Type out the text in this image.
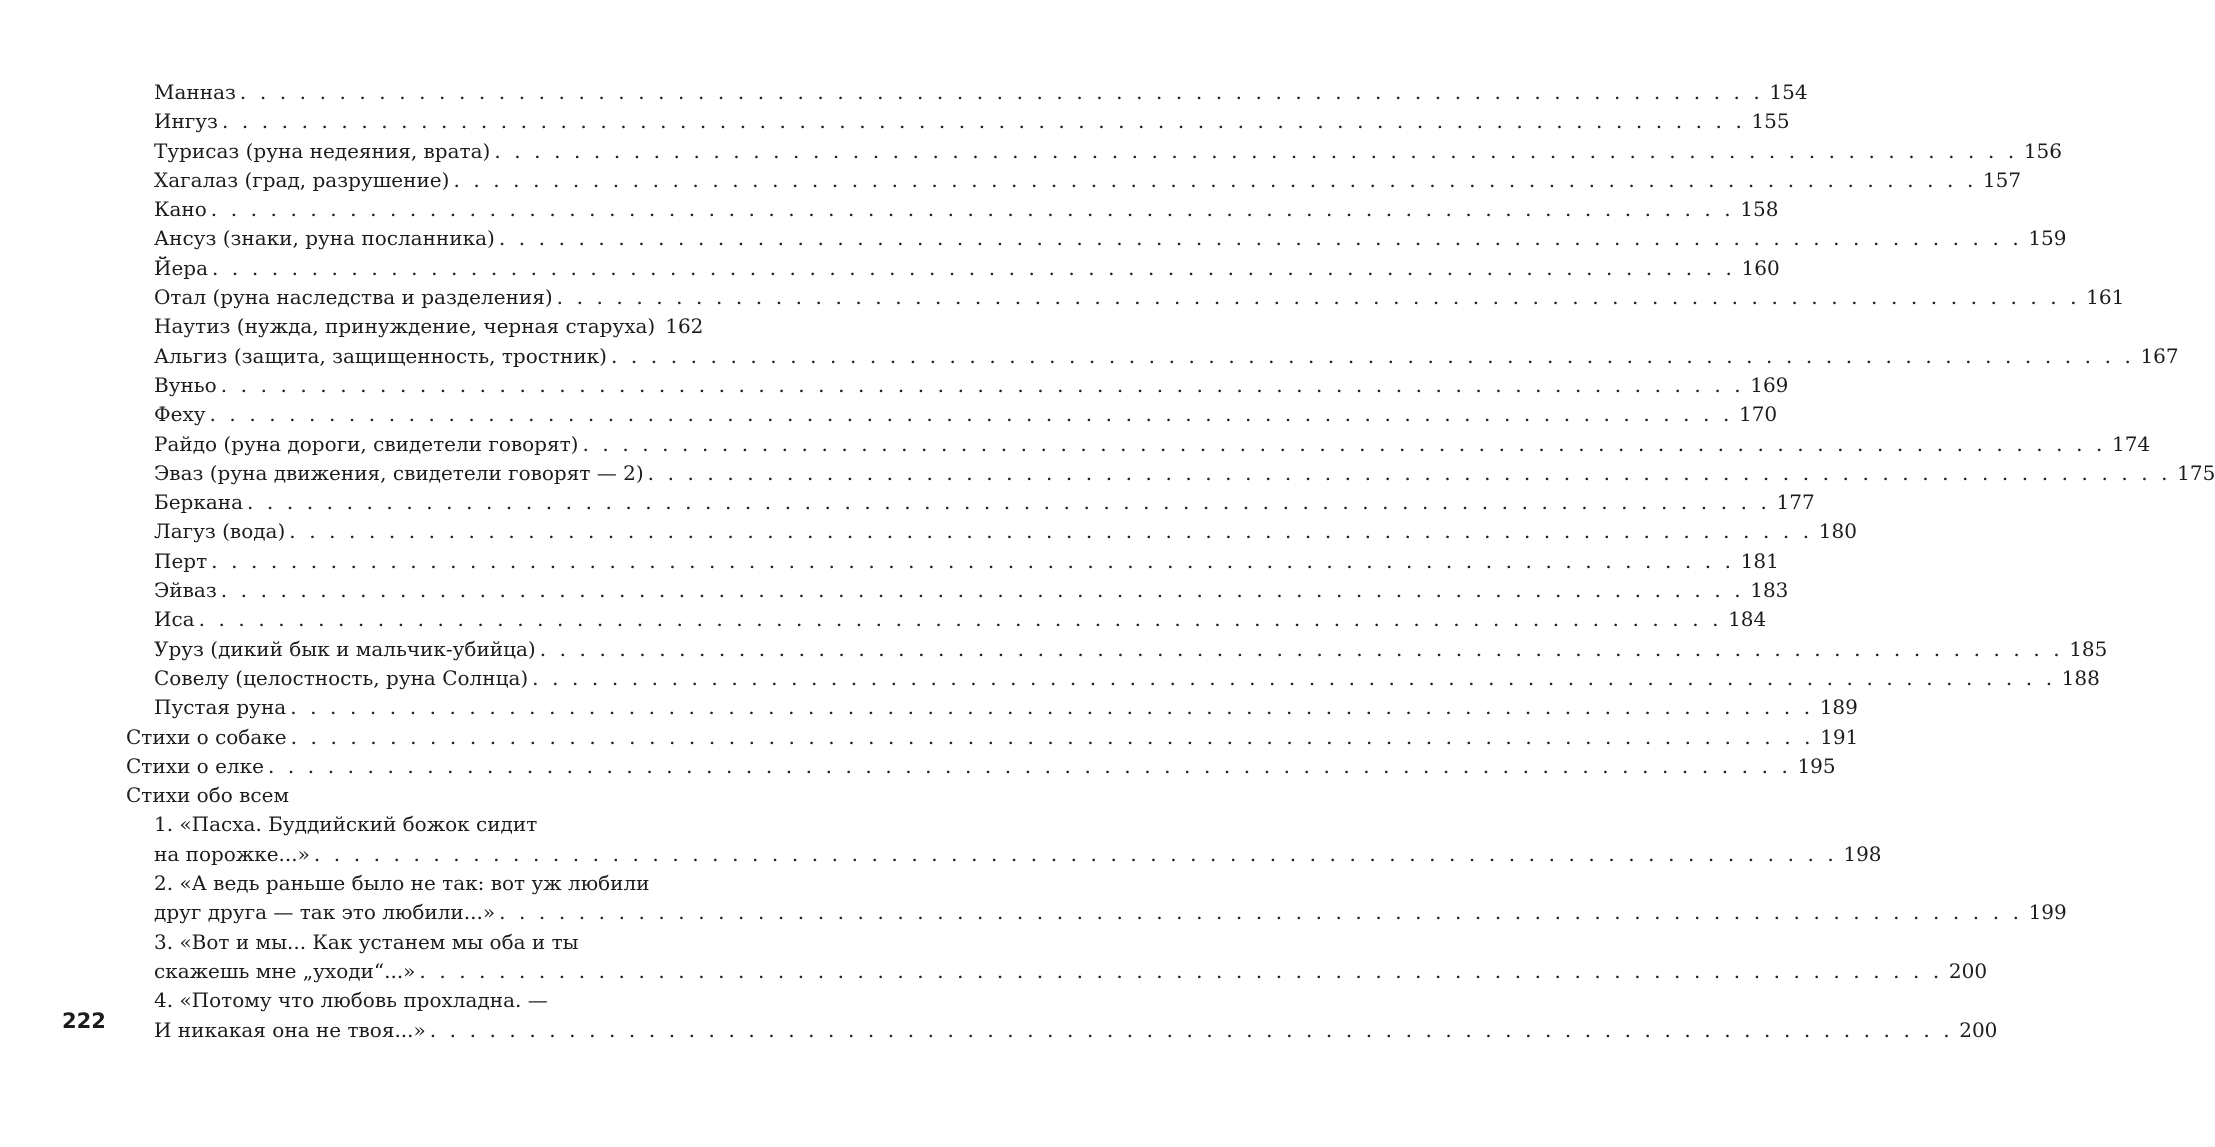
Манназ . . . . . . . . . . . . . . . . . . . . . . . . . . . . . . . . . . . . . . . . . . . . . . . . . . . . . . . . . . . . . . . . . . . . . . . . . . . . . 154
Ингуз . . . . . . . . . . . . . . . . . . . . . . . . . . . . . . . . . . . . . . . . . . . . . . . . . . . . . . . . . . . . . . . . . . . . . . . . . . . . . 155
Турисаз (руна недеяния, врата) . . . . . . . . . . . . . . . . . . . . . . . . . . . . . . . . . . . . . . . . . . . . . . . . . . . . . . . . . . . . . . . . . . . . . . . . . . . . . 156
Хагалаз (град, разрушение) . . . . . . . . . . . . . . . . . . . . . . . . . . . . . . . . . . . . . . . . . . . . . . . . . . . . . . . . . . . . . . . . . . . . . . . . . . . . . 157
Кано . . . . . . . . . . . . . . . . . . . . . . . . . . . . . . . . . . . . . . . . . . . . . . . . . . . . . . . . . . . . . . . . . . . . . . . . . . . . . 158
Ансуз (знаки, руна посланника) . . . . . . . . . . . . . . . . . . . . . . . . . . . . . . . . . . . . . . . . . . . . . . . . . . . . . . . . . . . . . . . . . . . . . . . . . . . . . 159
Йера . . . . . . . . . . . . . . . . . . . . . . . . . . . . . . . . . . . . . . . . . . . . . . . . . . . . . . . . . . . . . . . . . . . . . . . . . . . . . 160
Отал (руна наследства и разделения) . . . . . . . . . . . . . . . . . . . . . . . . . . . . . . . . . . . . . . . . . . . . . . . . . . . . . . . . . . . . . . . . . . . . . . . . . . . . . 161
Наутиз (нужда, принуждение, черная старуха) 162
Альгиз (защита, защищенность, тростник) . . . . . . . . . . . . . . . . . . . . . . . . . . . . . . . . . . . . . . . . . . . . . . . . . . . . . . . . . . . . . . . . . . . . . . . . . . . . . 167
Вуньо . . . . . . . . . . . . . . . . . . . . . . . . . . . . . . . . . . . . . . . . . . . . . . . . . . . . . . . . . . . . . . . . . . . . . . . . . . . . . 169
Феху . . . . . . . . . . . . . . . . . . . . . . . . . . . . . . . . . . . . . . . . . . . . . . . . . . . . . . . . . . . . . . . . . . . . . . . . . . . . . 170
Райдо (руна дороги, свидетели говорят) . . . . . . . . . . . . . . . . . . . . . . . . . . . . . . . . . . . . . . . . . . . . . . . . . . . . . . . . . . . . . . . . . . . . . . . . . . . . . 174
Эваз (руна движения, свидетели говорят — 2) . . . . . . . . . . . . . . . . . . . . . . . . . . . . . . . . . . . . . . . . . . . . . . . . . . . . . . . . . . . . . . . . . . . . . . . . . . . . . 175
Беркана . . . . . . . . . . . . . . . . . . . . . . . . . . . . . . . . . . . . . . . . . . . . . . . . . . . . . . . . . . . . . . . . . . . . . . . . . . . . . 177
Лагуз (вода) . . . . . . . . . . . . . . . . . . . . . . . . . . . . . . . . . . . . . . . . . . . . . . . . . . . . . . . . . . . . . . . . . . . . . . . . . . . . . 180
Перт . . . . . . . . . . . . . . . . . . . . . . . . . . . . . . . . . . . . . . . . . . . . . . . . . . . . . . . . . . . . . . . . . . . . . . . . . . . . . 181
Эйваз . . . . . . . . . . . . . . . . . . . . . . . . . . . . . . . . . . . . . . . . . . . . . . . . . . . . . . . . . . . . . . . . . . . . . . . . . . . . . 183
Иса . . . . . . . . . . . . . . . . . . . . . . . . . . . . . . . . . . . . . . . . . . . . . . . . . . . . . . . . . . . . . . . . . . . . . . . . . . . . . 184
Уруз (дикий бык и мальчик-убийца) . . . . . . . . . . . . . . . . . . . . . . . . . . . . . . . . . . . . . . . . . . . . . . . . . . . . . . . . . . . . . . . . . . . . . . . . . . . . . 185
Совелу (целостность, руна Солнца) . . . . . . . . . . . . . . . . . . . . . . . . . . . . . . . . . . . . . . . . . . . . . . . . . . . . . . . . . . . . . . . . . . . . . . . . . . . . . 188
Пустая руна . . . . . . . . . . . . . . . . . . . . . . . . . . . . . . . . . . . . . . . . . . . . . . . . . . . . . . . . . . . . . . . . . . . . . . . . . . . . . 189
Стихи о собаке . . . . . . . . . . . . . . . . . . . . . . . . . . . . . . . . . . . . . . . . . . . . . . . . . . . . . . . . . . . . . . . . . . . . . . . . . . . . . 191
Стихи о елке . . . . . . . . . . . . . . . . . . . . . . . . . . . . . . . . . . . . . . . . . . . . . . . . . . . . . . . . . . . . . . . . . . . . . . . . . . . . . 195
Стихи обо всем
1. «Пасха. Буддийский божок сидит
на порожке...» . . . . . . . . . . . . . . . . . . . . . . . . . . . . . . . . . . . . . . . . . . . . . . . . . . . . . . . . . . . . . . . . . . . . . . . . . . . . . 198
2. «А ведь раньше было не так: вот уж любили
друг друга — так это любили...» . . . . . . . . . . . . . . . . . . . . . . . . . . . . . . . . . . . . . . . . . . . . . . . . . . . . . . . . . . . . . . . . . . . . . . . . . . . . . 199
3. «Вот и мы... Как устанем мы оба и ты
скажешь мне „уходи“...» . . . . . . . . . . . . . . . . . . . . . . . . . . . . . . . . . . . . . . . . . . . . . . . . . . . . . . . . . . . . . . . . . . . . . . . . . . . . . 200
4. «Потому что любовь прохладна. —
И никакая она не твоя...» . . . . . . . . . . . . . . . . . . . . . . . . . . . . . . . . . . . . . . . . . . . . . . . . . . . . . . . . . . . . . . . . . . . . . . . . . . . . . 200
222
